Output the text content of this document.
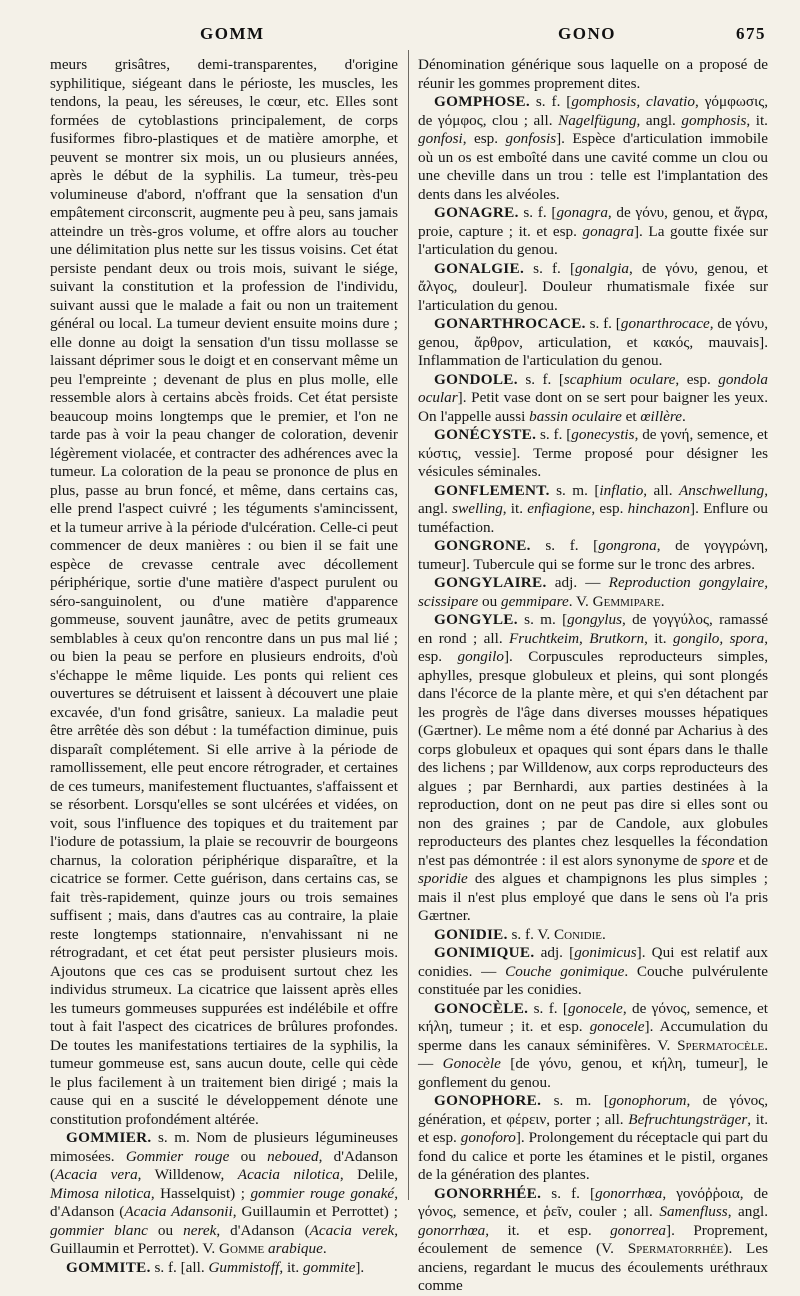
GOMM	GONO	675

meurs grisâtres, demi-transparentes, d'origine syphilitique, siégeant dans le périoste, les muscles, les tendons, la peau, les séreuses, le cœur, etc. Elles sont formées de cytoblastions principalement, de corps fusiformes fibro-plastiques et de matière amorphe, et peuvent se montrer six mois, un ou plusieurs années, après le début de la syphilis. La tumeur, très-peu volumineuse d'abord, n'offrant que la sensation d'un empâtement circonscrit, augmente peu à peu, sans jamais atteindre un très-gros volume, et offre alors au toucher une délimitation plus nette sur les tissus voisins. Cet état persiste pendant deux ou trois mois, suivant le siége, suivant la constitution et la profession de l'individu, suivant aussi que le malade a fait ou non un traitement général ou local. La tumeur devient ensuite moins dure ; elle donne au doigt la sensation d'un tissu mollasse se laissant déprimer sous le doigt et en conservant même un peu l'empreinte ; devenant de plus en plus molle, elle ressemble alors à certains abcès froids. Cet état persiste beaucoup moins longtemps que le premier, et l'on ne tarde pas à voir la peau changer de coloration, devenir légèrement violacée, et contracter des adhérences avec la tumeur. La coloration de la peau se prononce de plus en plus, passe au brun foncé, et même, dans certains cas, elle prend l'aspect cuivré ; les téguments s'amincissent, et la tumeur arrive à la période d'ulcération. Celle-ci peut commencer de deux manières : ou bien il se fait une espèce de crevasse centrale avec décollement périphérique, sortie d'une matière d'aspect purulent ou séro-sanguinolent, ou d'une matière d'apparence gommeuse, souvent jaunâtre, avec de petits grumeaux semblables à ceux qu'on rencontre dans un pus mal lié ; ou bien la peau se perfore en plusieurs endroits, d'où s'échappe le même liquide. Les ponts qui relient ces ouvertures se détruisent et laissent à découvert une plaie excavée, d'un fond grisâtre, sanieux. La maladie peut être arrêtée dès son début : la tuméfaction diminue, puis disparaît complétement. Si elle arrive à la période de ramollissement, elle peut encore rétrograder, et certaines de ces tumeurs, manifestement fluctuantes, s'affaissent et se résorbent. Lorsqu'elles se sont ulcérées et vidées, on voit, sous l'influence des topiques et du traitement par l'iodure de potassium, la plaie se recouvrir de bourgeons charnus, la coloration périphérique disparaître, et la cicatrice se former. Cette guérison, dans certains cas, se fait très-rapidement, quinze jours ou trois semaines suffisent ; mais, dans d'autres cas au contraire, la plaie reste longtemps stationnaire, n'envahissant ni ne rétrogradant, et cet état peut persister plusieurs mois. Ajoutons que ces cas se produisent surtout chez les individus strumeux. La cicatrice que laissent après elles les tumeurs gommeuses suppurées est indélébile et offre tout à fait l'aspect des cicatrices de brûlures profondes. De toutes les manifestations tertiaires de la syphilis, la tumeur gommeuse est, sans aucun doute, celle qui cède le plus facilement à un traitement bien dirigé ; mais la cause qui en a suscité le développement dénote une constitution profondément altérée.

GOMMIER. s. m. Nom de plusieurs légumineuses mimosées. Gommier rouge ou neboued, d'Adanson (Acacia vera, Willdenow, Acacia nilotica, Delile, Mimosa nilotica, Hasselquist) ; gommier rouge gonaké, d'Adanson (Acacia Adansonii, Guillaumin et Perrottet) ; gommier blanc ou nerek, d'Adanson (Acacia verek, Guillaumin et Perrottet). V. Gomme arabique.

GOMMITE. s. f. [all. Gummistoff, it. gommite].

Dénomination générique sous laquelle on a proposé de réunir les gommes proprement dites.

GOMPHOSE. s. f. [gomphosis, clavatio, γόμφωσις, de γόμφος, clou ; all. Nagelfügung, angl. gomphosis, it. gonfosi, esp. gonfosis]. Espèce d'articulation immobile où un os est emboîté dans une cavité comme un clou ou une cheville dans un trou : telle est l'implantation des dents dans les alvéoles.

GONAGRE. s. f. [gonagra, de γόνυ, genou, et ἄγρα, proie, capture ; it. et esp. gonagra]. La goutte fixée sur l'articulation du genou.

GONALGIE. s. f. [gonalgia, de γόνυ, genou, et ἄλγος, douleur]. Douleur rhumatismale fixée sur l'articulation du genou.

GONARTHROCACE. s. f. [gonarthrocace, de γόνυ, genou, ἄρθρον, articulation, et κακός, mauvais]. Inflammation de l'articulation du genou.

GONDOLE. s. f. [scaphium oculare, esp. gondola ocular]. Petit vase dont on se sert pour baigner les yeux. On l'appelle aussi bassin oculaire et œillère.

GONÉCYSTE. s. f. [gonecystis, de γονή, semence, et κύστις, vessie]. Terme proposé pour désigner les vésicules séminales.

GONFLEMENT. s. m. [inflatio, all. Anschwellung, angl. swelling, it. enfiagione, esp. hinchazon]. Enflure ou tuméfaction.

GONGRONE. s. f. [gongrona, de γογγρώνη, tumeur]. Tubercule qui se forme sur le tronc des arbres.

GONGYLAIRE. adj. — Reproduction gongylaire, scissipare ou gemmipare. V. Gemmipare.

GONGYLE. s. m. [gongylus, de γογγύλος, ramassé en rond ; all. Fruchtkeim, Brutkorn, it. gongilo, spora, esp. gongilo]. Corpuscules reproducteurs simples, aphylles, presque globuleux et pleins, qui sont plongés dans l'écorce de la plante mère, et qui s'en détachent par les progrès de l'âge dans diverses mousses hépatiques (Gærtner). Le même nom a été donné par Acharius à des corps globuleux et opaques qui sont épars dans le thalle des lichens ; par Willdenow, aux corps reproducteurs des algues ; par Bernhardi, aux parties destinées à la reproduction, dont on ne peut pas dire si elles sont ou non des graines ; par de Candole, aux globules reproducteurs des plantes chez lesquelles la fécondation n'est pas démontrée : il est alors synonyme de spore et de sporidie des algues et champignons les plus simples ; mais il n'est plus employé que dans le sens où l'a pris Gærtner.

GONIDIE. s. f. V. Conidie.

GONIMIQUE. adj. [gonimicus]. Qui est relatif aux conidies. — Couche gonimique. Couche pulvérulente constituée par les conidies.

GONOCÈLE. s. f. [gonocele, de γόνος, semence, et κήλη, tumeur ; it. et esp. gonocele]. Accumulation du sperme dans les canaux séminifères. V. Spermatocèle. — Gonocèle [de γόνυ, genou, et κήλη, tumeur], le gonflement du genou.

GONOPHORE. s. m. [gonophorum, de γόνος, génération, et φέρειν, porter ; all. Befruchtungsträger, it. et esp. gonoforo]. Prolongement du réceptacle qui part du fond du calice et porte les étamines et le pistil, organes de la génération des plantes.

GONORRHÉE. s. f. [gonorrhœa, γονόῤῥοια, de γόνος, semence, et ῥεῖν, couler ; all. Samenfluss, angl. gonorrhœa, it. et esp. gonorrea]. Proprement, écoulement de semence (V. Spermatorrhée). Les anciens, regardant le mucus des écoulements uréthraux comme
